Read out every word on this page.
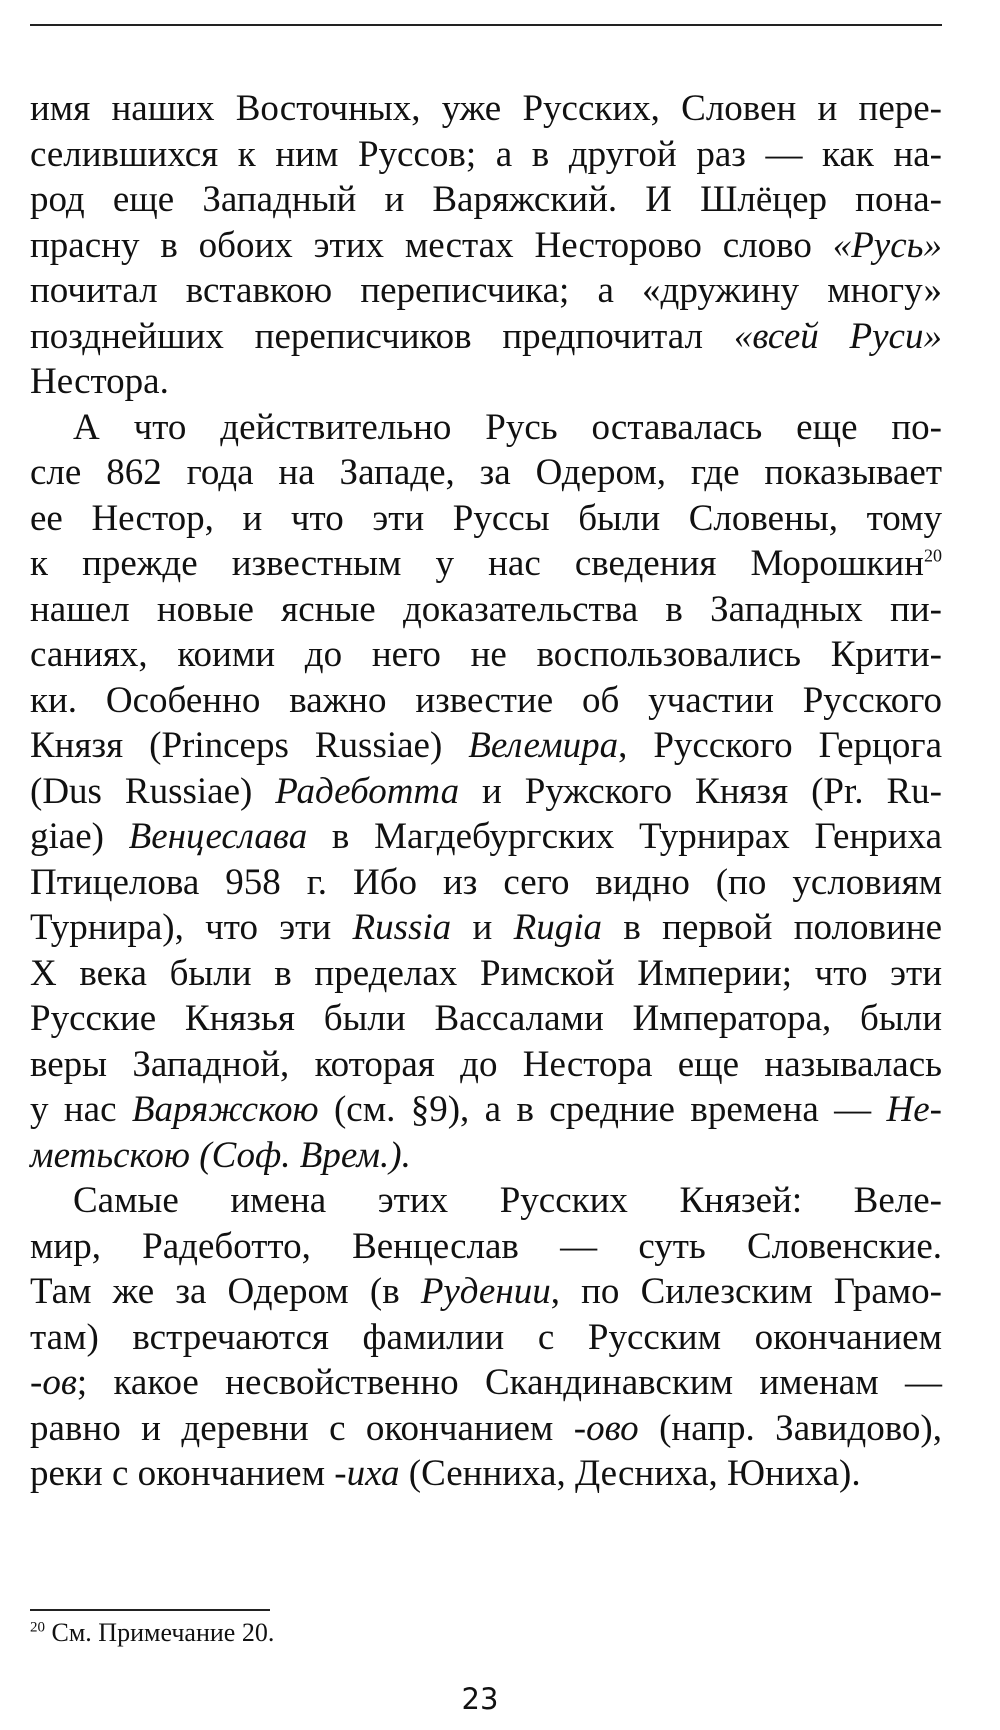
имя наших Восточных, уже Русских, Словен и пере-
селившихся к ним Руссов; а в другой раз — как на-
род еще Западный и Варяжский. И Шлёцер пона-
прасну в обоих этих местах Несторово слово «Русь»
почитал вставкою переписчика; а «дружину многу»
позднейших переписчиков предпочитал «всей Руси»
Нестора.
А что действительно Русь оставалась еще по-
сле 862 года на Западе, за Одером, где показывает
ее Нестор, и что эти Руссы были Словены, тому
к прежде известным у нас сведения Морошкин$^{20}$
нашел новые ясные доказательства в Западных пи-
саниях, коими до него не воспользовались Крити-
ки. Особенно важно известие об участии Русского
Князя (Princeps Russiae) Велемира, Русского Герцога
(Dus Russiae) Радеботта и Ружского Князя (Pr. Ru-
giae) Венцеслава в Магдебургских Турнирах Генриха
Птицелова 958 г. Ибо из сего видно (по условиям
Турнира), что эти Russia и Rugia в первой половине
X века были в пределах Римской Империи; что эти
Русские Князья были Вассалами Императора, были
веры Западной, которая до Нестора еще называлась
у нас Варяжскою (см. §9), а в средние времена — Не-
метьскою (Соф. Врем.).
Самые имена этих Русских Князей: Веле-
мир, Радеботто, Венцеслав — суть Словенские.
Там же за Одером (в Рудении, по Силезским Грамо-
там) встречаются фамилии с Русским окончанием
-ов; какое несвойственно Скандинавским именам —
равно и деревни с окончанием -ово (напр. Завидово),
реки с окончанием -иха (Сенниха, Десниха, Юниха).
$^{20}$ См. Примечание 20.
23
